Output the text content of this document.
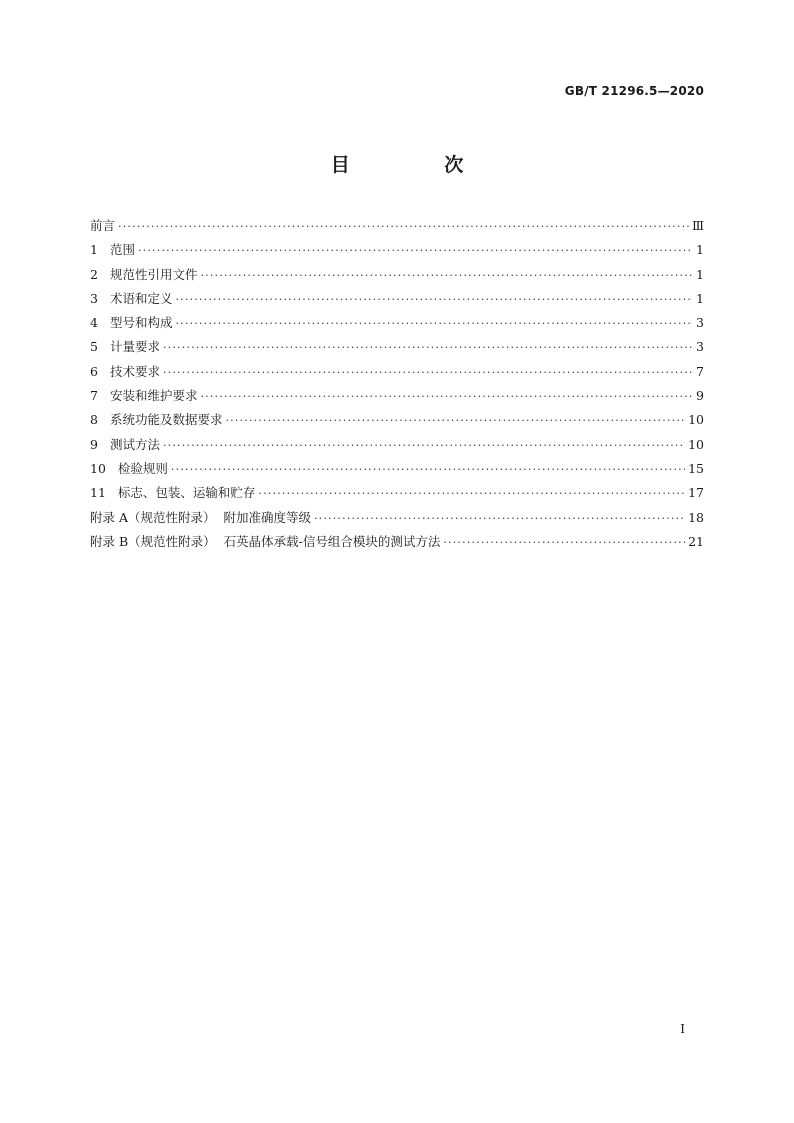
GB/T 21296.5—2020
目 次
前言 ·····	Ⅲ
1 范围 ·····	1
2 规范性引用文件 ·····	1
3 术语和定义 ·····	1
4 型号和构成 ·····	3
5 计量要求 ·····	3
6 技术要求 ·····	7
7 安装和维护要求 ·····	9
8 系统功能及数据要求 ·····	10
9 测试方法 ·····	10
10 检验规则 ·····	15
11 标志、包装、运输和贮存 ·····	17
附录 A（规范性附录）  附加准确度等级 ·····	18
附录 B（规范性附录）  石英晶体承载-信号组合模块的测试方法 ·····	21
I
